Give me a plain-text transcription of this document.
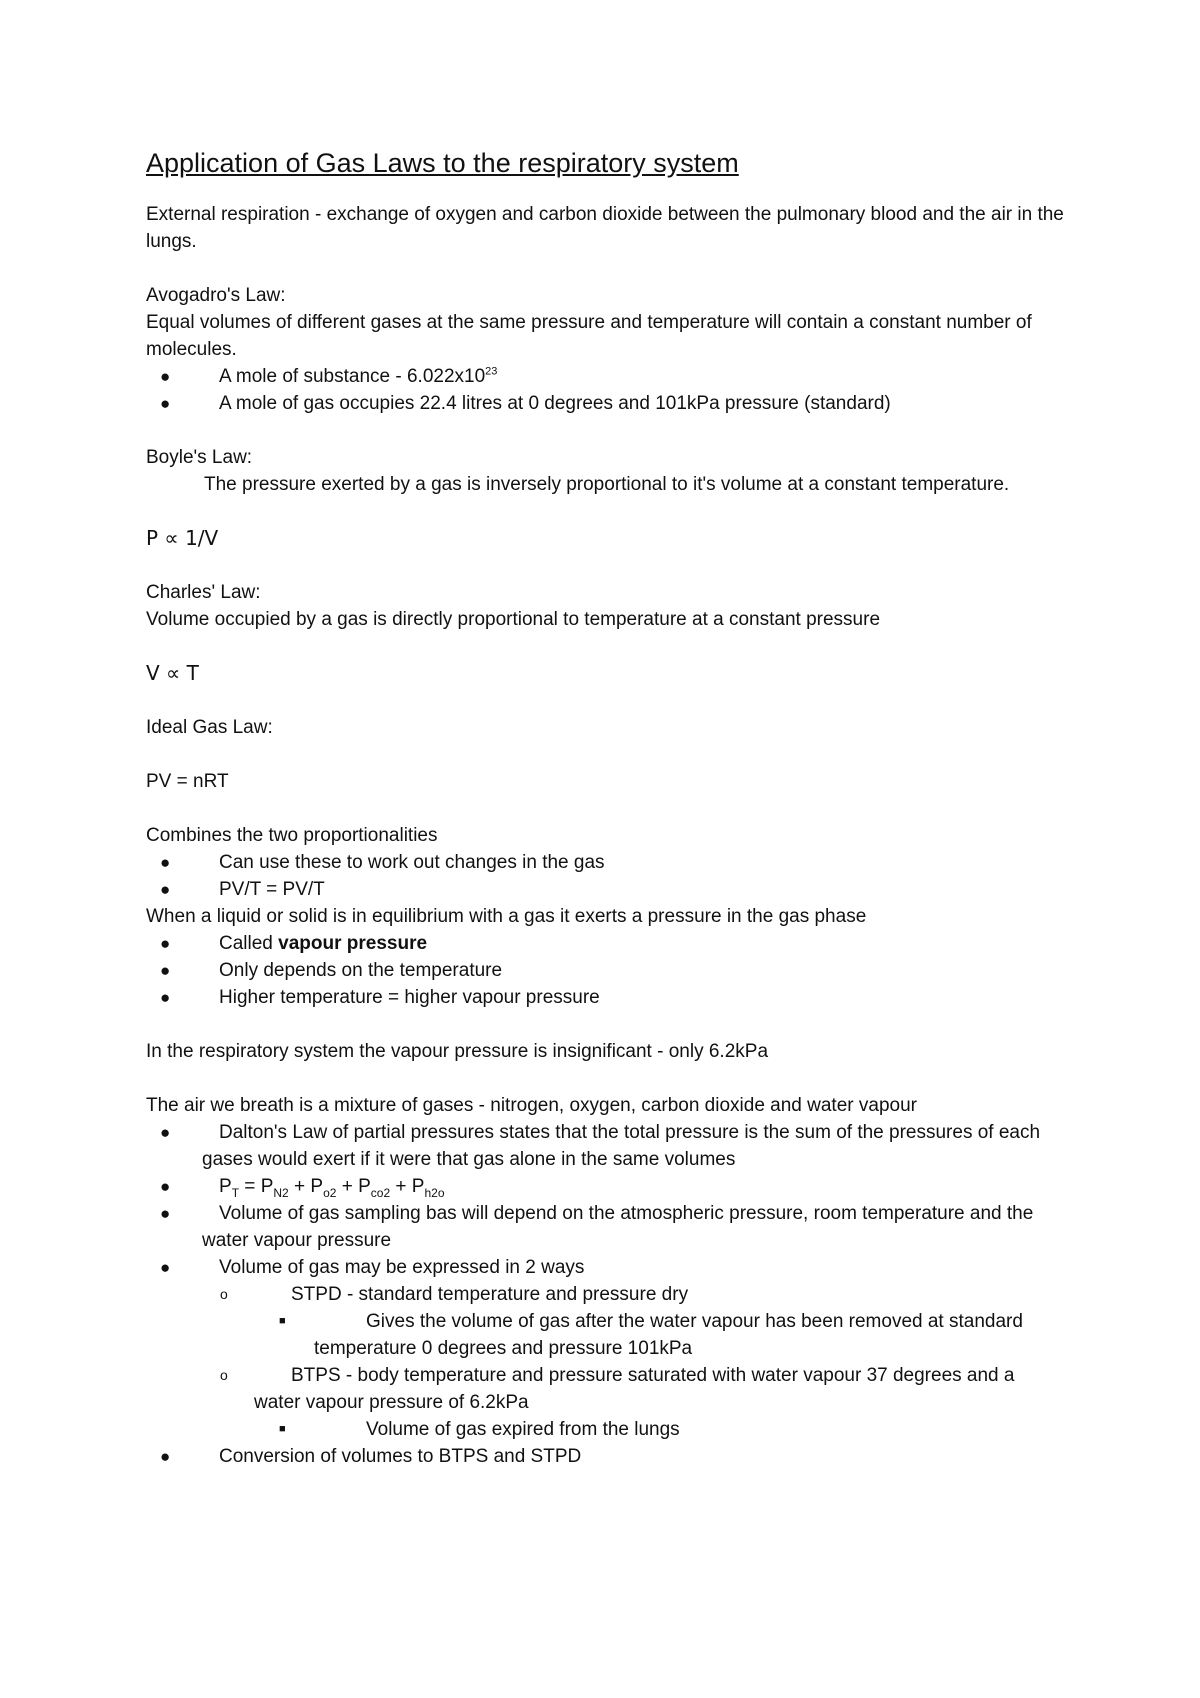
Application of Gas Laws to the respiratory system

External respiration - exchange of oxygen and carbon dioxide between the pulmonary blood and the air in the lungs.

Avogadro's Law:

Equal volumes of different gases at the same pressure and temperature will contain a constant number of molecules.

●	A mole of substance - $6.022x10^{23}$
●	A mole of gas occupies 22.4 litres at 0 degrees and 101kPa pressure (standard)

Boyle's Law:

The pressure exerted by a gas is inversely proportional to it's volume at a constant temperature.

P ∝ 1/V

Charles' Law:

Volume occupied by a gas is directly proportional to temperature at a constant pressure

V ∝ T

Ideal Gas Law:

PV = nRT

Combines the two proportionalities

●	Can use these to work out changes in the gas
●	PV/T = PV/T

When a liquid or solid is in equilibrium with a gas it exerts a pressure in the gas phase

●	Called vapour pressure
●	Only depends on the temperature
●	Higher temperature = higher vapour pressure

In the respiratory system the vapour pressure is insignificant - only 6.2kPa

The air we breath is a mixture of gases - nitrogen, oxygen, carbon dioxide and water vapour

●	Dalton's Law of partial pressures states that the total pressure is the sum of the pressures of each gases would exert if it were that gas alone in the same volumes
●	$P_T = P_{N2} + P_{o2} + P_{co2} + P_{h2o}$
●	Volume of gas sampling bas will depend on the atmospheric pressure, room temperature and the water vapour pressure
●	Volume of gas may be expressed in 2 ways
o	STPD - standard temperature and pressure dry
■	Gives the volume of gas after the water vapour has been removed at standard temperature 0 degrees and pressure 101kPa
o	BTPS - body temperature and pressure saturated with water vapour 37 degrees and a water vapour pressure of 6.2kPa
■	Volume of gas expired from the lungs
●	Conversion of volumes to BTPS and STPD
